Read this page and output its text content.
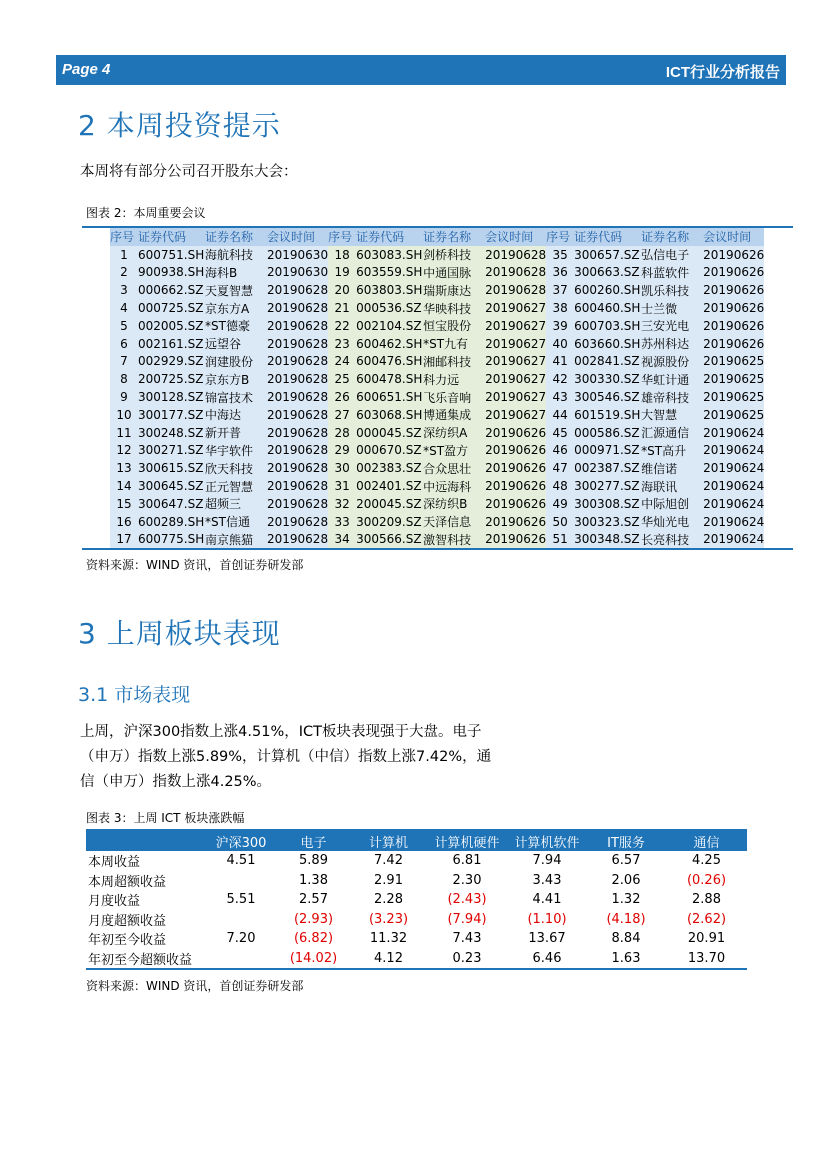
Page 4	ICT行业分析报告
2 本周投资提示
本周将有部分公司召开股东大会：
图表 2：本周重要会议
序号	证券代码	证券名称	会议时间	序号	证券代码	证券名称	会议时间	序号	证券代码	证券名称	会议时间
1	600751.SH	海航科技	20190630	18	603083.SH	剑桥科技	20190628	35	300657.SZ	弘信电子	20190626
2	900938.SH	海科B	20190630	19	603559.SH	中通国脉	20190628	36	300663.SZ	科蓝软件	20190626
3	000662.SZ	天夏智慧	20190628	20	603803.SH	瑞斯康达	20190628	37	600260.SH	凯乐科技	20190626
4	000725.SZ	京东方A	20190628	21	000536.SZ	华映科技	20190627	38	600460.SH	士兰微	20190626
5	002005.SZ	*ST德豪	20190628	22	002104.SZ	恒宝股份	20190627	39	600703.SH	三安光电	20190626
6	002161.SZ	远望谷	20190628	23	600462.SH	*ST九有	20190627	40	603660.SH	苏州科达	20190626
7	002929.SZ	润建股份	20190628	24	600476.SH	湘邮科技	20190627	41	002841.SZ	视源股份	20190625
8	200725.SZ	京东方B	20190628	25	600478.SH	科力远	20190627	42	300330.SZ	华虹计通	20190625
9	300128.SZ	锦富技术	20190628	26	600651.SH	飞乐音响	20190627	43	300546.SZ	雄帝科技	20190625
10	300177.SZ	中海达	20190628	27	603068.SH	博通集成	20190627	44	601519.SH	大智慧	20190625
11	300248.SZ	新开普	20190628	28	000045.SZ	深纺织A	20190626	45	000586.SZ	汇源通信	20190624
12	300271.SZ	华宇软件	20190628	29	000670.SZ	*ST盈方	20190626	46	000971.SZ	*ST高升	20190624
13	300615.SZ	欣天科技	20190628	30	002383.SZ	合众思壮	20190626	47	002387.SZ	维信诺	20190624
14	300645.SZ	正元智慧	20190628	31	002401.SZ	中远海科	20190626	48	300277.SZ	海联讯	20190624
15	300647.SZ	超频三	20190628	32	200045.SZ	深纺织B	20190626	49	300308.SZ	中际旭创	20190624
16	600289.SH	*ST信通	20190628	33	300209.SZ	天泽信息	20190626	50	300323.SZ	华灿光电	20190624
17	600775.SH	南京熊猫	20190628	34	300566.SZ	激智科技	20190626	51	300348.SZ	长亮科技	20190624
资料来源：WIND 资讯，首创证券研发部
3 上周板块表现
3.1 市场表现
上周，沪深300指数上涨4.51%，ICT板块表现强于大盘。电子
（申万）指数上涨5.89%，计算机（中信）指数上涨7.42%，通
信（申万）指数上涨4.25%。
图表 3：上周 ICT 板块涨跌幅
	沪深300	电子	计算机	计算机硬件	计算机软件	IT服务	通信
本周收益	4.51	5.89	7.42	6.81	7.94	6.57	4.25
本周超额收益		1.38	2.91	2.30	3.43	2.06	(0.26)
月度收益	5.51	2.57	2.28	(2.43)	4.41	1.32	2.88
月度超额收益		(2.93)	(3.23)	(7.94)	(1.10)	(4.18)	(2.62)
年初至今收益	7.20	(6.82)	11.32	7.43	13.67	8.84	20.91
年初至今超额收益		(14.02)	4.12	0.23	6.46	1.63	13.70
资料来源：WIND 资讯，首创证券研发部
